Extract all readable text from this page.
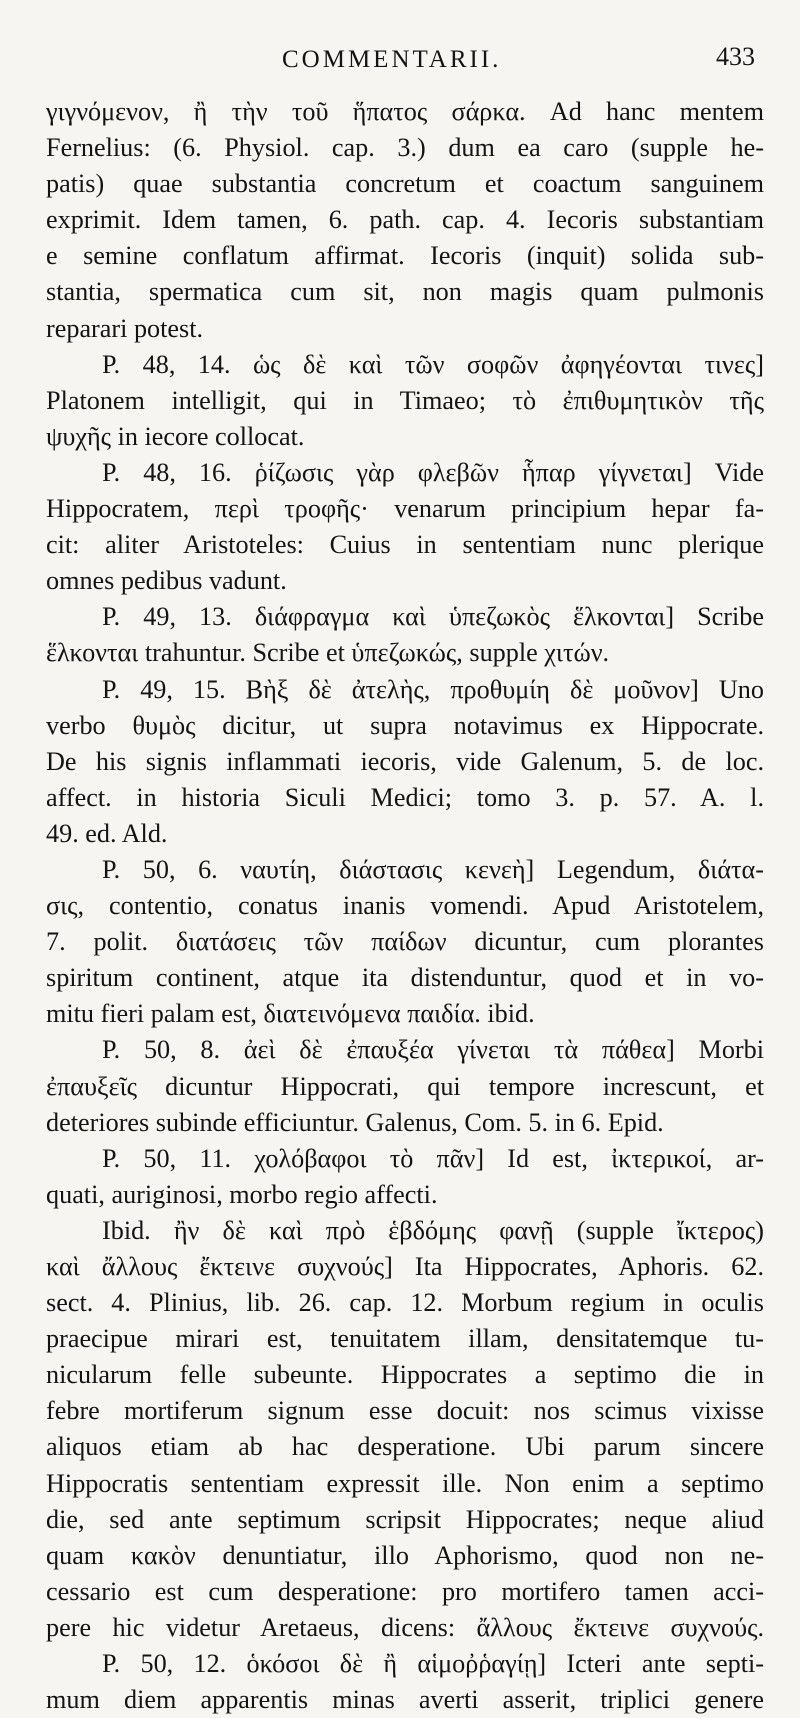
COMMENTARII.	433
γιγνόμενον, ἢ τὴν τοῦ ἥπατος σάρκα. Ad hanc mentem
Fernelius: (6. Physiol. cap. 3.) dum ea caro (supple he-
patis) quae substantia concretum et coactum sanguinem
exprimit. Idem tamen, 6. path. cap. 4. Iecoris substantiam
e semine conflatum affirmat. Iecoris (inquit) solida sub-
stantia, spermatica cum sit, non magis quam pulmonis
reparari potest.
P. 48, 14. ὡς δὲ καὶ τῶν σοφῶν ἀφηγέονται τινες]
Platonem intelligit, qui in Timaeo; τὸ ἐπιθυμητικὸν τῆς
ψυχῆς in iecore collocat.
P. 48, 16. ῥίζωσις γὰρ φλεβῶν ἧπαρ γίγνεται] Vide
Hippocratem, περὶ τροφῆς· venarum principium hepar fa-
cit: aliter Aristoteles: Cuius in sententiam nunc plerique
omnes pedibus vadunt.
P. 49, 13. διάφραγμα καὶ ὑπεζωκὸς ἕλκονται] Scribe
ἕλκονται trahuntur. Scribe et ὑπεζωκώς, supple χιτών.
P. 49, 15. Βὴξ δὲ ἀτελὴς, προθυμίη δὲ μοῦνον] Uno
verbo θυμὸς dicitur, ut supra notavimus ex Hippocrate.
De his signis inflammati iecoris, vide Galenum, 5. de loc.
affect. in historia Siculi Medici; tomo 3. p. 57. A. l.
49. ed. Ald.
P. 50, 6. ναυτίη, διάστασις κενεὴ] Legendum, διάτα-
σις, contentio, conatus inanis vomendi. Apud Aristotelem,
7. polit. διατάσεις τῶν παίδων dicuntur, cum plorantes
spiritum continent, atque ita distenduntur, quod et in vo-
mitu fieri palam est, διατεινόμενα παιδία. ibid.
P. 50, 8. ἀεὶ δὲ ἐπαυξέα γίνεται τὰ πάθεα] Morbi
ἐπαυξεῖς dicuntur Hippocrati, qui tempore increscunt, et
deteriores subinde efficiuntur. Galenus, Com. 5. in 6. Epid.
P. 50, 11. χολόβαφοι τὸ πᾶν] Id est, ἰκτερικοί, ar-
quati, auriginosi, morbo regio affecti.
Ibid. ἢν δὲ καὶ πρὸ ἑβδόμης φανῇ (supple ἴκτερος)
καὶ ἄλλους ἔκτεινε συχνούς] Ita Hippocrates, Aphoris. 62.
sect. 4. Plinius, lib. 26. cap. 12. Morbum regium in oculis
praecipue mirari est, tenuitatem illam, densitatemque tu-
nicularum felle subeunte. Hippocrates a septimo die in
febre mortiferum signum esse docuit: nos scimus vixisse
aliquos etiam ab hac desperatione. Ubi parum sincere
Hippocratis sententiam expressit ille. Non enim a septimo
die, sed ante septimum scripsit Hippocrates; neque aliud
quam κακὸν denuntiatur, illo Aphorismo, quod non ne-
cessario est cum desperatione: pro mortifero tamen acci-
pere hic videtur Aretaeus, dicens: ἄλλους ἔκτεινε συχνούς.
P. 50, 12. ὁκόσοι δὲ ἢ αἱμοῤῥαγίῃ] Icteri ante septi-
mum diem apparentis minas averti asserit, triplici genere
